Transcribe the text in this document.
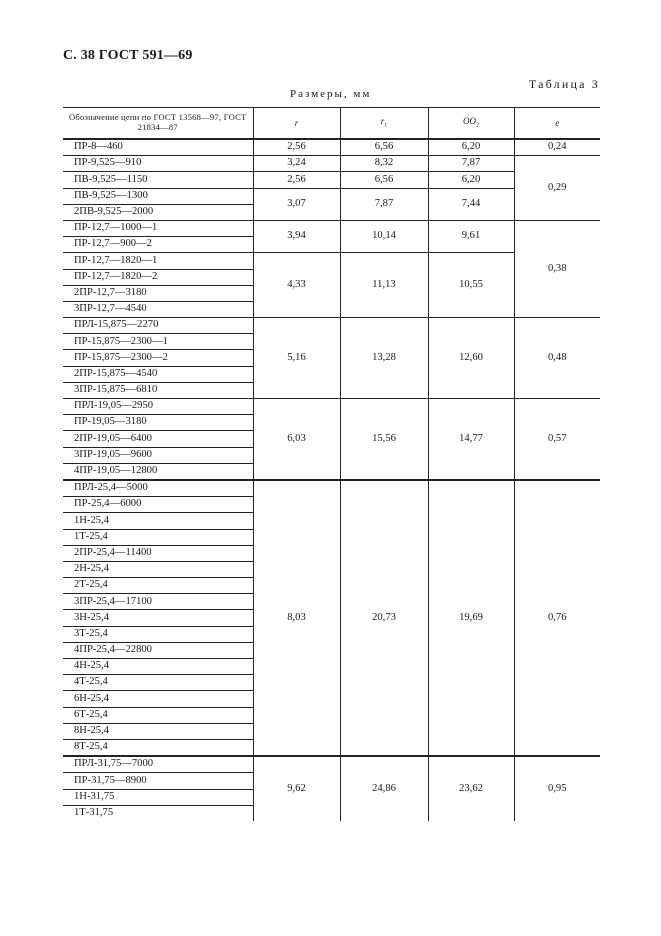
С. 38 ГОСТ 591—69
Таблица 3
Размеры, мм
Обозначение цепи по ГОСТ 13568—97, ГОСТ 21834—87	r	$r_1$	$OO_2$	e
ПР-8—460	2,56	6,56	6,20	0,24
ПР-9,525—910	3,24	8,32	7,87	0,29
ПВ-9,525—1150	2,56	6,56	6,20	
ПВ-9,525—1300	3,07	7,87	7,44	
2ПВ-9,525—2000				
ПР-12,7—1000—1	3,94	10,14	9,61	0,38
ПР-12,7—900—2				
ПР-12,7—1820—1	4,33	11,13	10,55	
ПР-12,7—1820—2				
2ПР-12,7—3180				
3ПР-12,7—4540				
ПРЛ-15,875—2270	5,16	13,28	12,60	0,48
ПР-15,875—2300—1				
ПР-15,875—2300—2				
2ПР-15,875—4540				
3ПР-15,875—6810				
ПРЛ-19,05—2950	6,03	15,56	14,77	0,57
ПР-19,05—3180				
2ПР-19,05—6400				
3ПР-19,05—9600				
4ПР-19,05—12800				
ПРЛ-25,4—5000	8,03	20,73	19,69	0,76
ПР-25,4—6000				
1Н-25,4				
1Т-25,4				
2ПР-25,4—11400				
2Н-25,4				
2Т-25,4				
3ПР-25,4—17100				
3Н-25,4				
3Т-25,4				
4ПР-25,4—22800				
4Н-25,4				
4Т-25,4				
6Н-25,4				
6Т-25,4				
8Н-25,4				
8Т-25,4				
ПРЛ-31,75—7000	9,62	24,86	23,62	0,95
ПР-31,75—8900				
1Н-31,75				
1Т-31,75				
